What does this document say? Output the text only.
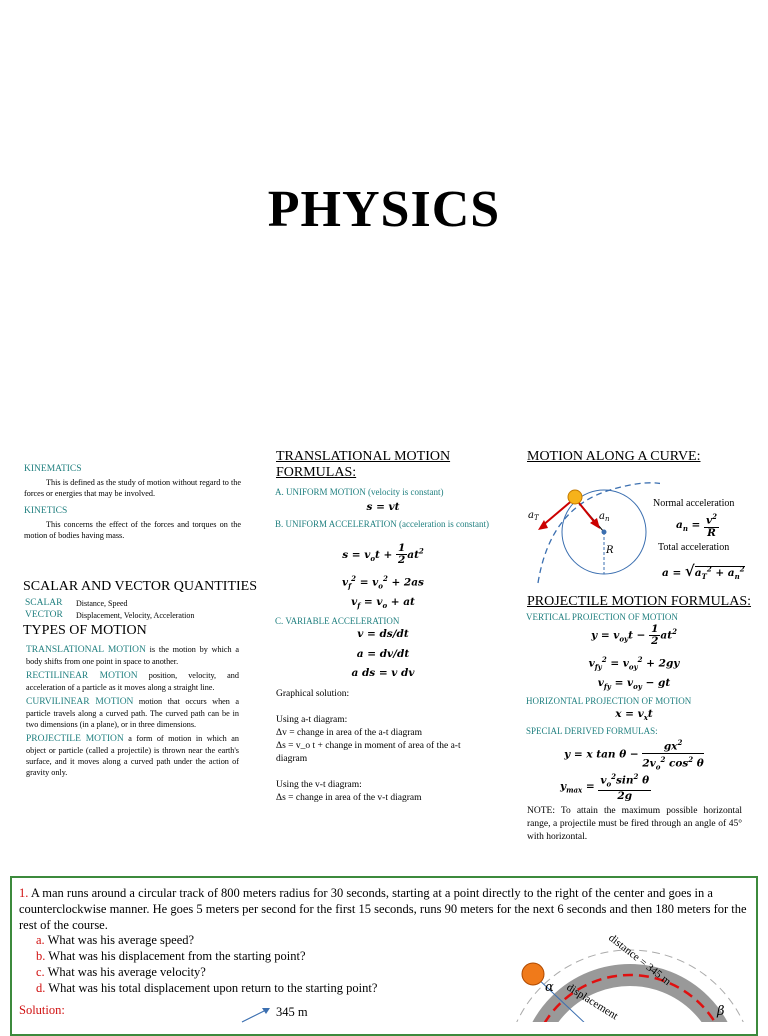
PHYSICS
KINEMATICS
This is defined as the study of motion without regard to the forces or energies that may be involved.
KINETICS
This concerns the effect of the forces and torques on the motion of bodies having mass.
SCALAR AND VECTOR QUANTITIES
SCALAR Distance, Speed
VECTOR Displacement, Velocity, Acceleration
TYPES OF MOTION
TRANSLATIONAL MOTION is the motion by which a body shifts from one point in space to another.
RECTILINEAR MOTION position, velocity, and acceleration of a particle as it moves along a straight line.
CURVILINEAR MOTION motion that occurs when a particle travels along a curved path. The curved path can be in two dimensions (in a plane), or in three dimensions.
PROJECTILE MOTION a form of motion in which an object or particle (called a projectile) is thrown near the earth's surface, and it moves along a curved path under the action of gravity only.
TRANSLATIONAL MOTION
FORMULAS:
A. UNIFORM MOTION (velocity is constant)
s = vt
B. UNIFORM ACCELERATION (acceleration is constant)
$s = v_ot + \frac{1}{2} at^2$
$v_f^2 = v_o^2 + 2as$
$v_f = v_o$ + at
C. VARIABLE ACCELERATION
v = ds/dt
a = dv/dt
a ds = v dv
Graphical solution:
Using a-t diagram:
Δv = change in area of the a-t diagram
Δs = v_o t + change in moment of area of the a-t diagram
Using the v-t diagram:
Δs = change in area of the v-t diagram
MOTION ALONG A CURVE:
$a_T$	$a_n$
R
Normal acceleration
$a_n = \frac{v^2}{R}$
Total acceleration
$a = √a_T^2 + a_n^2$
PROJECTILE MOTION FORMULAS:
VERTICAL PROJECTION OF MOTION
$y = v_{oy}t - \frac{1}{2} at^2$
$v_{fy}^2 = v_{oy}^2 + 2gy$
$v_{fy} = v_{oy}$ − gt
HORIZONTAL PROJECTION OF MOTION
$x = v_xt$
SPECIAL DERIVED FORMULAS:
y = x $\tan \theta - \frac{gx^2}{2v_o^2 \cos^2 \theta}$
$y_{max} = \frac{v_o^2\sin^2 \theta}{2g}$
NOTE: To attain the maximum possible horizontal range, a projectile must be fired through an angle of 45° with horizontal.
1. A man runs around a circular track of 800 meters radius for 30 seconds, starting at a point directly to the right of the center and goes in a counterclockwise manner. He goes 5 meters per second for the first 15 seconds, runs 90 meters for the next 6 seconds and then 180 meters for the rest of the course.
a. What was his average speed?
b. What was his displacement from the starting point?
c. What was his average velocity?
d. What was his total displacement upon return to the starting point?
Solution:	345 m
α
β
distance = 345 m
displacement
